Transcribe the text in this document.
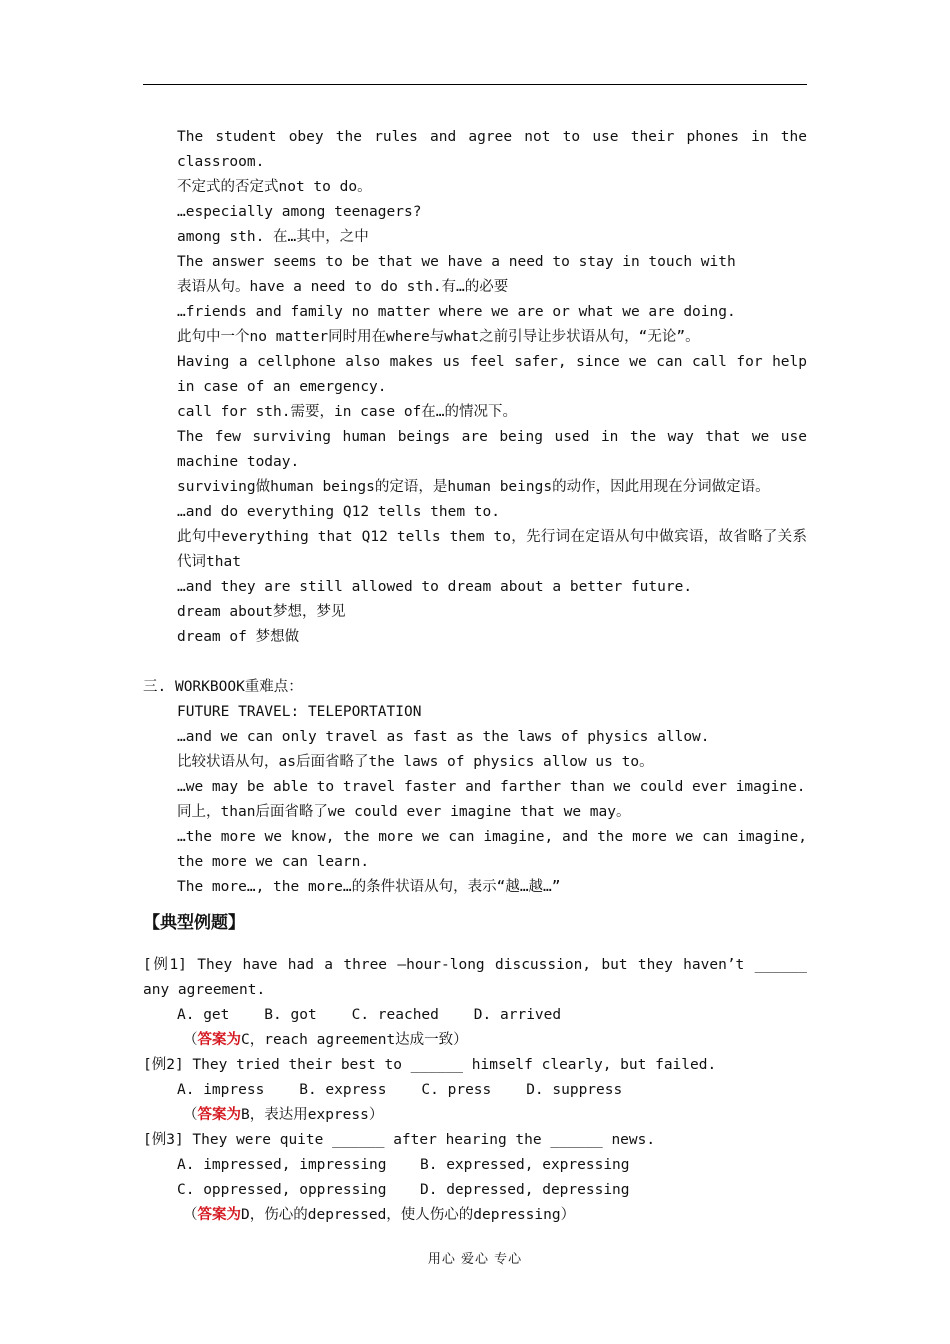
The student obey the rules and agree not to use their phones in the classroom.

不定式的否定式not to do。

…especially among teenagers?

among sth. 在…其中，之中

The answer seems to be that we have a need to stay in touch with

表语从句。have a need to do sth.有…的必要

…friends and family no matter where we are or what we are doing.

此句中一个no matter同时用在where与what之前引导让步状语从句，“无论”。

Having a cellphone also makes us feel safer, since we can call for help in case of an emergency.

call for sth.需要，in case of在…的情况下。

The few surviving human beings are being used in the way that we use machine today.

surviving做human beings的定语，是human beings的动作，因此用现在分词做定语。

…and do everything Q12 tells them to.

此句中everything that Q12 tells them to，先行词在定语从句中做宾语，故省略了关系代词that

…and they are still allowed to dream about a better future.

dream about梦想，梦见

dream of 梦想做

三. WORKBOOK重难点：

FUTURE TRAVEL: TELEPORTATION

…and we can only travel as fast as the laws of physics allow.

比较状语从句，as后面省略了the laws of physics allow us to。

…we may be able to travel faster and farther than we could ever imagine.

同上，than后面省略了we could ever imagine that we may。

…the more we know, the more we can imagine, and the more we can imagine, the more we can learn.

The more…, the more…的条件状语从句，表示“越…越…”

【典型例题】

[例1] They have had a three –hour-long discussion, but they haven’t ______ any agreement.

A. get    B. got    C. reached    D. arrived

（答案为C，reach agreement达成一致）

[例2] They tried their best to ______ himself clearly, but failed.

A. impress    B. express    C. press    D. suppress

（答案为B，表达用express）

[例3] They were quite ______ after hearing the ______ news.

A. impressed, impressing B. expressed, expressing

C. oppressed, oppressing D. depressed, depressing

（答案为D，伤心的depressed，使人伤心的depressing）

用心 爱心 专心
